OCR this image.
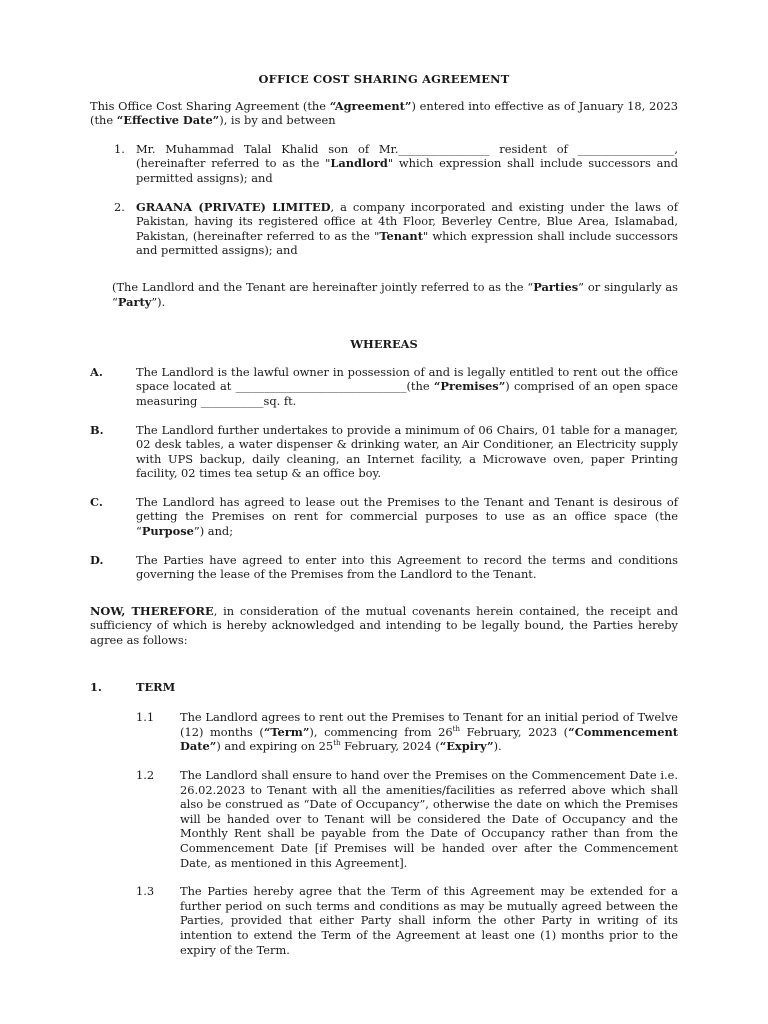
OFFICE COST SHARING AGREEMENT

This Office Cost Sharing Agreement (the “Agreement”) entered into effective as of January 18, 2023 (the “Effective Date”), is by and between

1. Mr. Muhammad Talal Khalid son of Mr.________________ resident of _________________, (hereinafter referred to as the "Landlord" which expression shall include successors and permitted assigns); and
2. GRAANA (PRIVATE) LIMITED, a company incorporated and existing under the laws of Pakistan, having its registered office at 4th Floor, Beverley Centre, Blue Area, Islamabad, Pakistan, (hereinafter referred to as the "Tenant" which expression shall include successors and permitted assigns); and

(The Landlord and the Tenant are hereinafter jointly referred to as the “Parties” or singularly as “Party”).

WHEREAS
A.	The Landlord is the lawful owner in possession of and is legally entitled to rent out the office space located at ______________________________(the “Premises”) comprised of an open space measuring ___________sq. ft.
B.	The Landlord further undertakes to provide a minimum of 06 Chairs, 01 table for a manager, 02 desk tables, a water dispenser & drinking water, an Air Conditioner, an Electricity supply with UPS backup, daily cleaning, an Internet facility, a Microwave oven, paper Printing facility, 02 times tea setup & an office boy.
C.	The Landlord has agreed to lease out the Premises to the Tenant and Tenant is desirous of getting the Premises on rent for commercial purposes to use as an office space (the “Purpose”) and;
D.	The Parties have agreed to enter into this Agreement to record the terms and conditions governing the lease of the Premises from the Landlord to the Tenant.

NOW, THEREFORE, in consideration of the mutual covenants herein contained, the receipt and sufficiency of which is hereby acknowledged and intending to be legally bound, the Parties hereby agree as follows:

1.	TERM
1.1	The Landlord agrees to rent out the Premises to Tenant for an initial period of Twelve (12) months (“Term”), commencing from 26th February, 2023 (“Commencement Date”) and expiring on 25th February, 2024 (“Expiry”).
1.2	The Landlord shall ensure to hand over the Premises on the Commencement Date i.e. 26.02.2023 to Tenant with all the amenities/facilities as referred above which shall also be construed as “Date of Occupancy”, otherwise the date on which the Premises will be handed over to Tenant will be considered the Date of Occupancy and the Monthly Rent shall be payable from the Date of Occupancy rather than from the Commencement Date [if Premises will be handed over after the Commencement Date, as mentioned in this Agreement].
1.3	The Parties hereby agree that the Term of this Agreement may be extended for a further period on such terms and conditions as may be mutually agreed between the Parties, provided that either Party shall inform the other Party in writing of its intention to extend the Term of the Agreement at least one (1) months prior to the expiry of the Term.
